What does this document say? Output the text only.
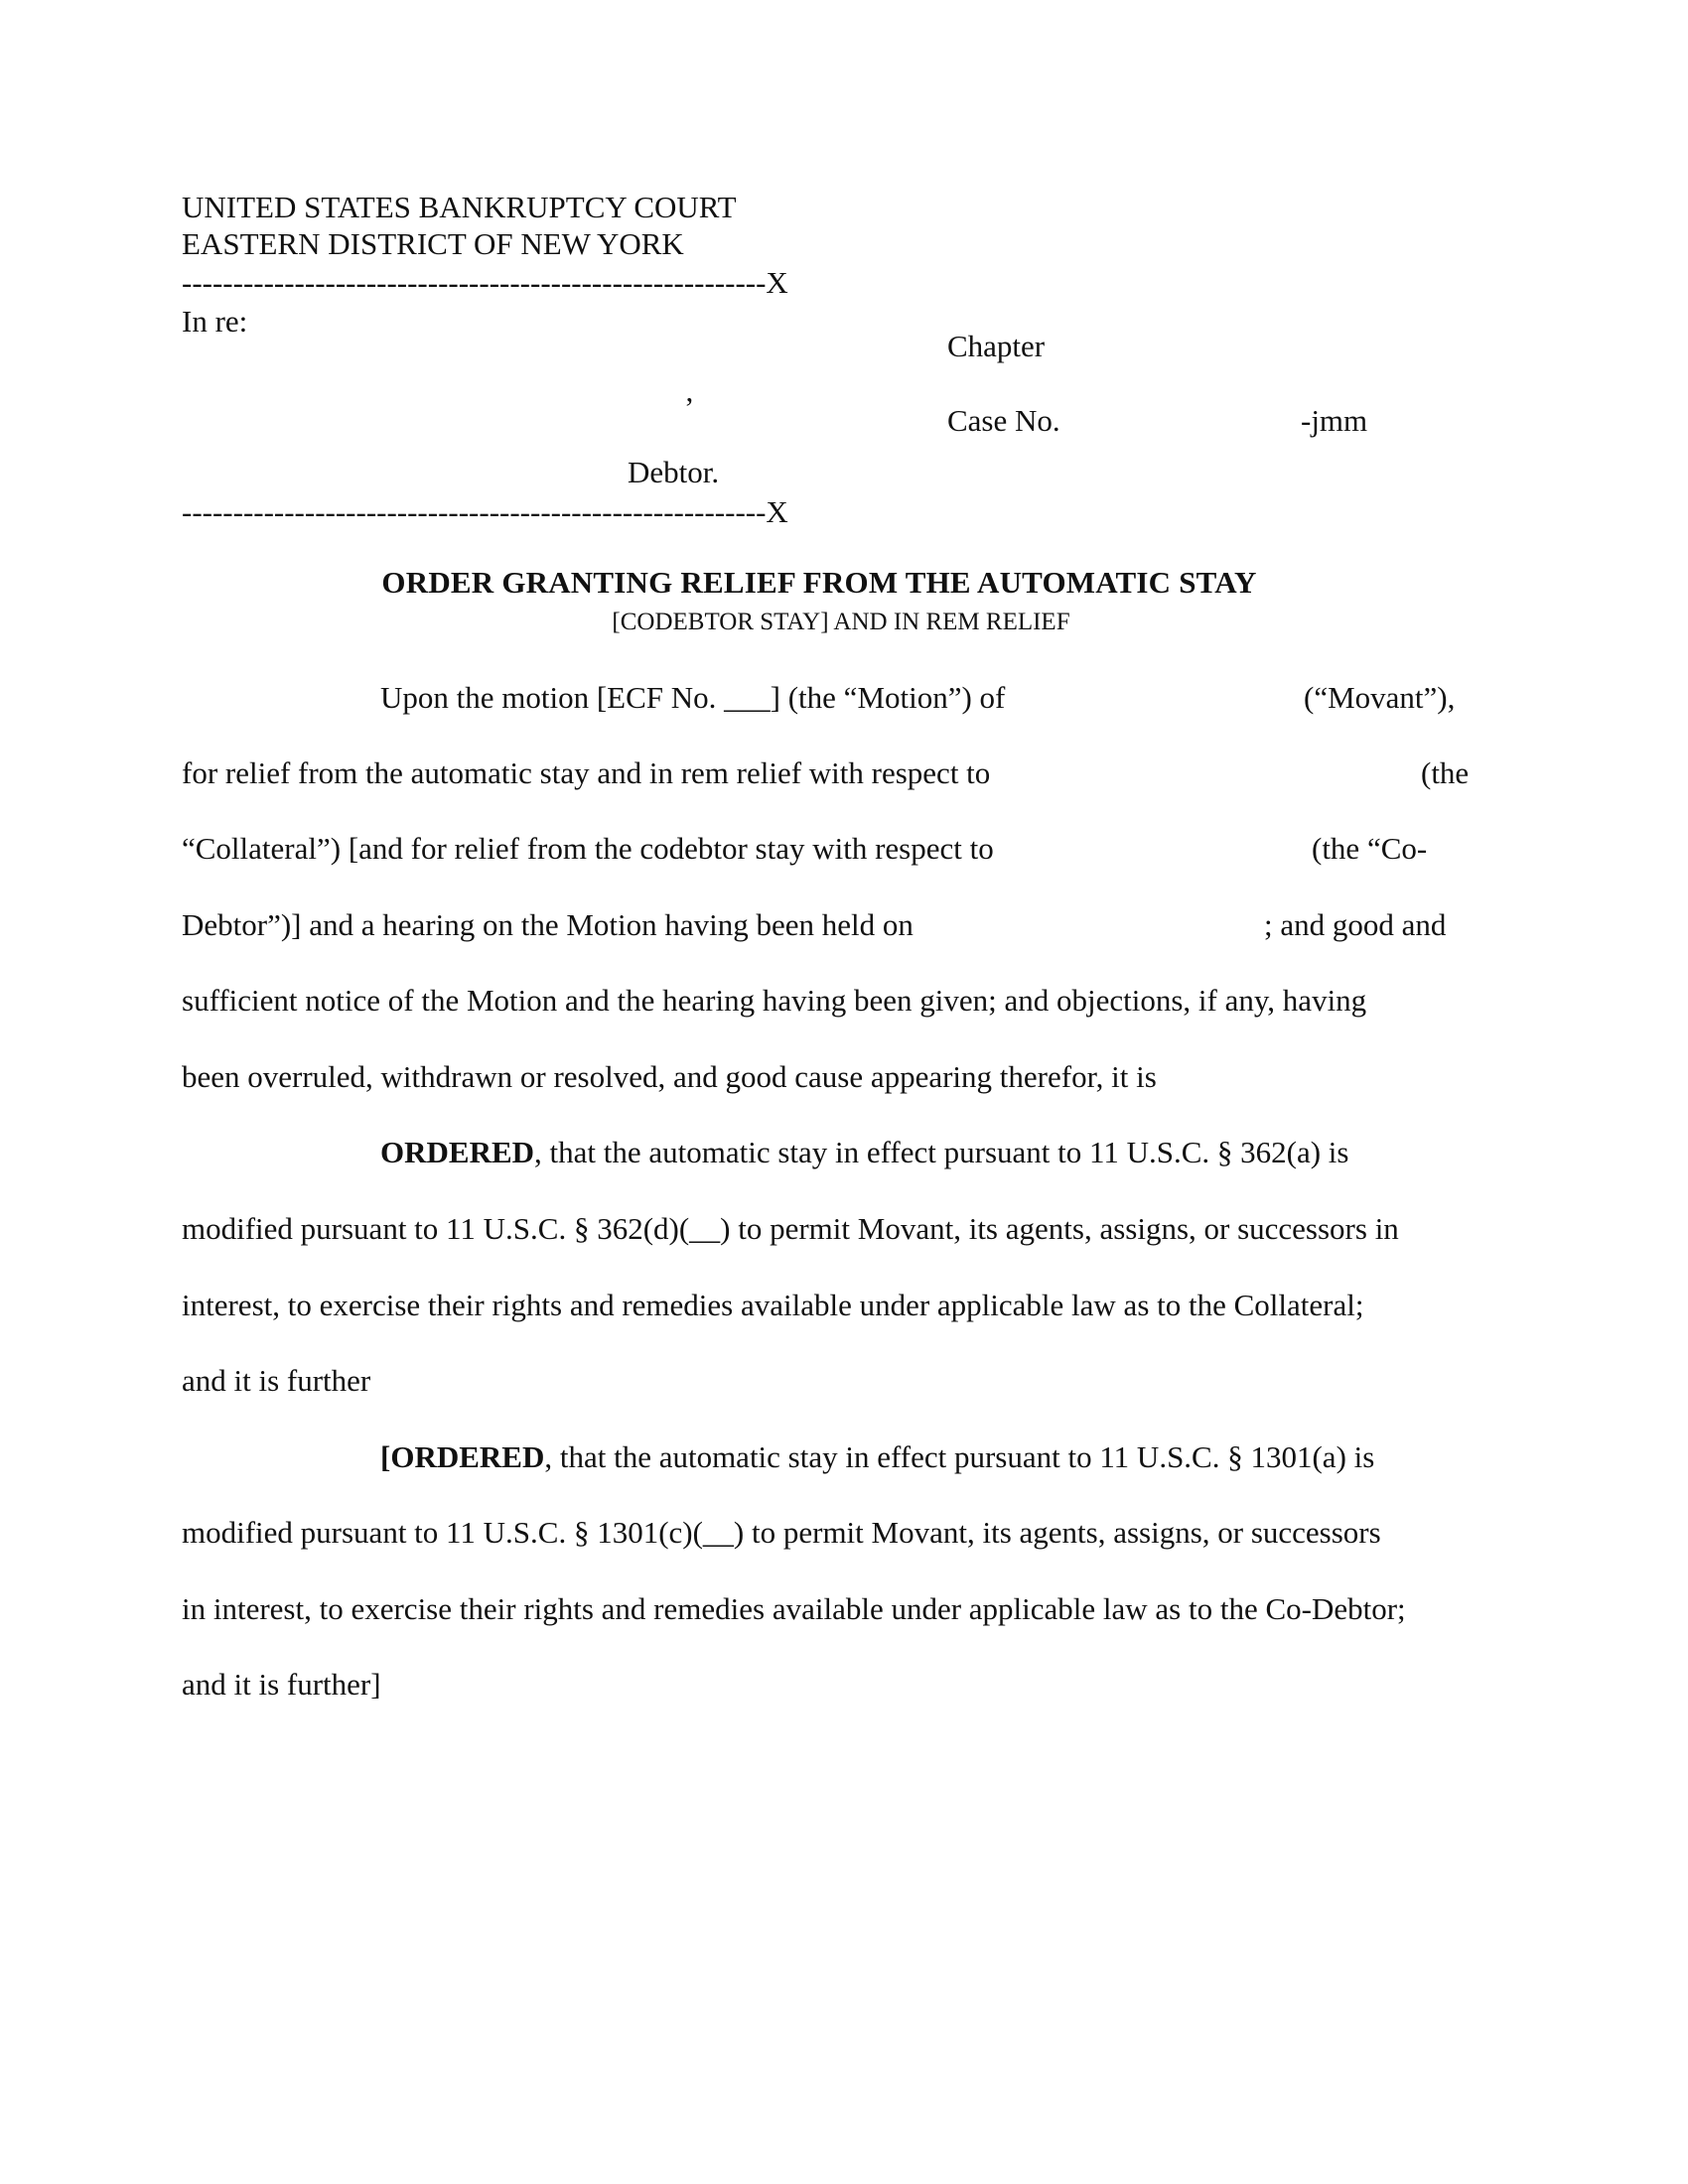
UNITED STATES BANKRUPTCY COURT
EASTERN DISTRICT OF NEW YORK
---------------------------------------------------------X
In re:
Chapter
’	Case No.	-jmm
Debtor.
---------------------------------------------------------X
ORDER GRANTING RELIEF FROM THE AUTOMATIC STAY
[CODEBTOR STAY] AND IN REM RELIEF
Upon the motion [ECF No. ___] (the “Motion”) of	(“Movant”),
for relief from the automatic stay and in rem relief with respect to	(the
“Collateral”) [and for relief from the codebtor stay with respect to	(the “Co-
Debtor”)] and a hearing on the Motion having been held on	; and good and
sufficient notice of the Motion and the hearing having been given; and objections, if any, having
been overruled, withdrawn or resolved, and good cause appearing therefor, it is
ORDERED, that the automatic stay in effect pursuant to 11 U.S.C. § 362(a) is
modified pursuant to 11 U.S.C. § 362(d)(__) to permit Movant, its agents, assigns, or successors in
interest, to exercise their rights and remedies available under applicable law as to the Collateral;
and it is further
[ORDERED, that the automatic stay in effect pursuant to 11 U.S.C. § 1301(a) is
modified pursuant to 11 U.S.C. § 1301(c)(__) to permit Movant, its agents, assigns, or successors
in interest, to exercise their rights and remedies available under applicable law as to the Co-Debtor;
and it is further]
